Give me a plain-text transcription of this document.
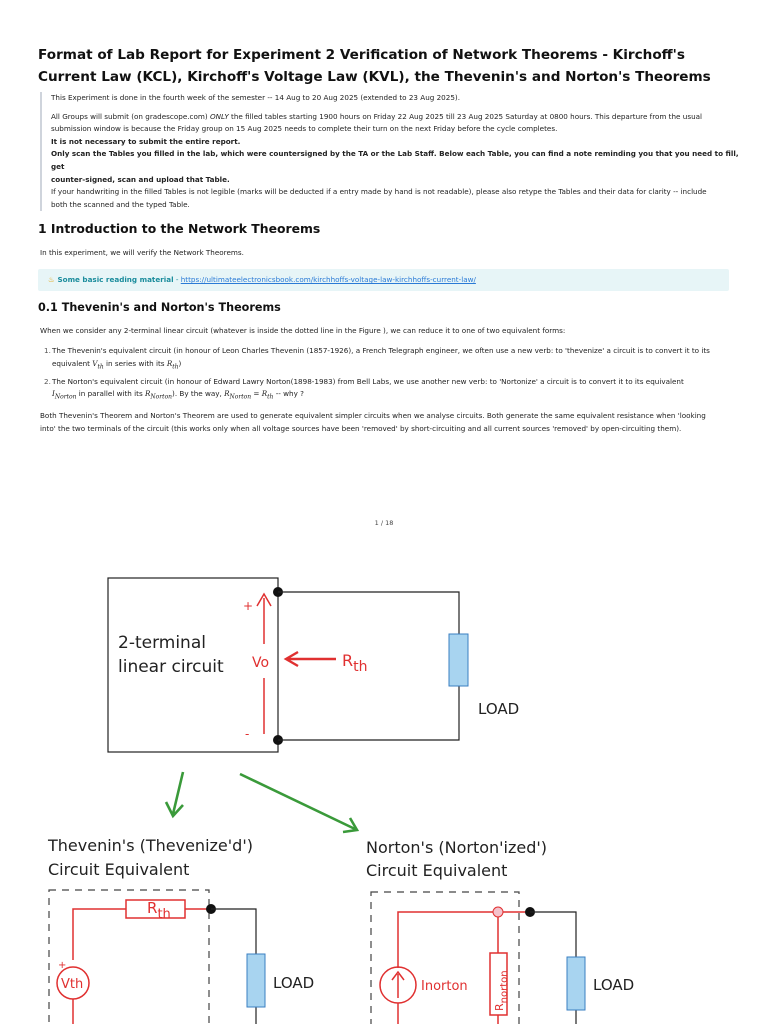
Format of Lab Report for Experiment 2 Verification of Network Theorems - Kirchoff's Current Law (KCL), Kirchoff's Voltage Law (KVL), the Thevenin's and Norton's Theorems

This Experiment is done in the fourth week of the semester -- 14 Aug to 20 Aug 2025 (extended to 23 Aug 2025).

All Groups will submit (on gradescope.com) ONLY the filled tables starting 1900 hours on Friday 22 Aug 2025 till 23 Aug 2025 Saturday at 0800 hours. This departure from the usual

submission window is because the Friday group on 15 Aug 2025 needs to complete their turn on the next Friday before the cycle completes.

It is not necessary to submit the entire report.

Only scan the Tables you filled in the lab, which were countersigned by the TA or the Lab Staff. Below each Table, you can find a note reminding you that you need to fill, get

counter-signed, scan and upload that Table.

If your handwriting in the filled Tables is not legible (marks will be deducted if a entry made by hand is not readable), please also retype the Tables and their data for clarity -- include

both the scanned and the typed Table.

1 Introduction to the Network Theorems

In this experiment, we will verify the Network Theorems.

♨ Some basic reading material - https://ultimateelectronicsbook.com/kirchhoffs-voltage-law-kirchhoffs-current-law/
0.1 Thevenin's and Norton's Theorems

When we consider any 2-terminal linear circuit (whatever is inside the dotted line in the Figure ), we can reduce it to one of two equivalent forms:

1. The Thevenin's equivalent circuit (in honour of Leon Charles Thevenin (1857-1926), a French Telegraph engineer, we often use a new verb: to 'thevenize' a circuit is to convert it to its
equivalent $V_{th}$ in series with its $R_{th}$)
2. The Norton's equivalent circuit (in honour of Edward Lawry Norton(1898-1983) from Bell Labs, we use another new verb: to 'Nortonize' a circuit is to convert it to its equivalent
$I_{Norton}$ in parallel with its $R_{Norton}$). By the way, $R_{Norton} = R_{th}$ -- why ?

Both Thevenin's Theorem and Norton's Theorem are used to generate equivalent simpler circuits when we analyse circuits. Both generate the same equivalent resistance when 'looking
into' the two terminals of the circuit (this works only when all voltage sources have been 'removed' by short-circuiting and all current sources 'removed' by open-circuiting them).

1 / 18
2-terminal
linear circuit
LOAD
+
-
Vo	Rth
Thevenin's (Thevenize'd')
Circuit Equivalent
Rth
Vth
+
LOAD
Norton's (Norton'ized')
Circuit Equivalent
Inorton
Rnorton	LOAD
